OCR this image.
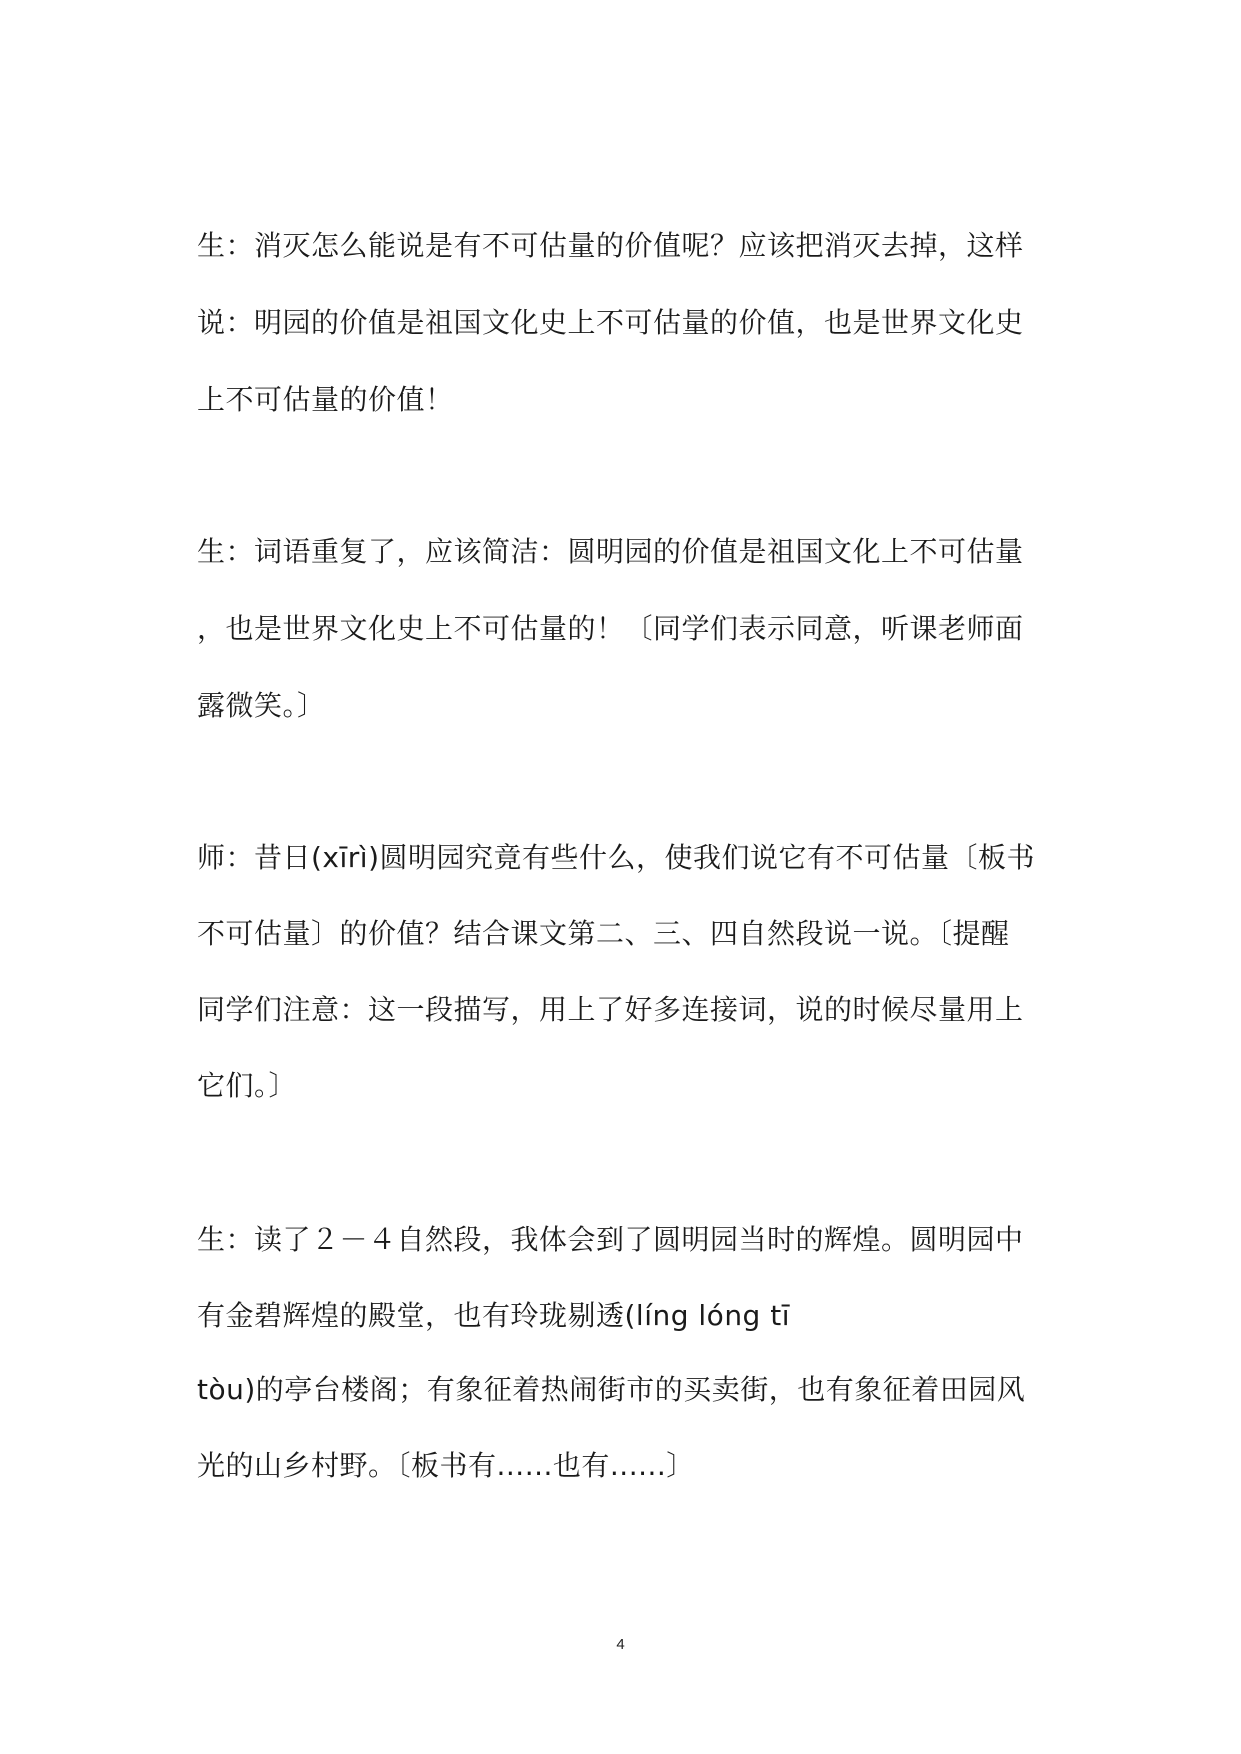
生：消灭怎么能说是有不可估量的价值呢？应该把消灭去掉，这样
说：明园的价值是祖国文化史上不可估量的价值，也是世界文化史
上不可估量的价值！
生：词语重复了，应该简洁：圆明园的价值是祖国文化上不可估量
，也是世界文化史上不可估量的！〔同学们表示同意，听课老师面
露微笑。〕
师：昔日(xīrì)圆明园究竟有些什么，使我们说它有不可估量〔板书
不可估量〕的价值？结合课文第二、三、四自然段说一说。〔提醒
同学们注意：这一段描写，用上了好多连接词，说的时候尽量用上
它们。〕
生：读了２－４自然段，我体会到了圆明园当时的辉煌。圆明园中
有金碧辉煌的殿堂，也有玲珑剔透(líng lóng tī
tòu)的亭台楼阁；有象征着热闹街市的买卖街，也有象征着田园风
光的山乡村野。〔板书有......也有......〕
4
